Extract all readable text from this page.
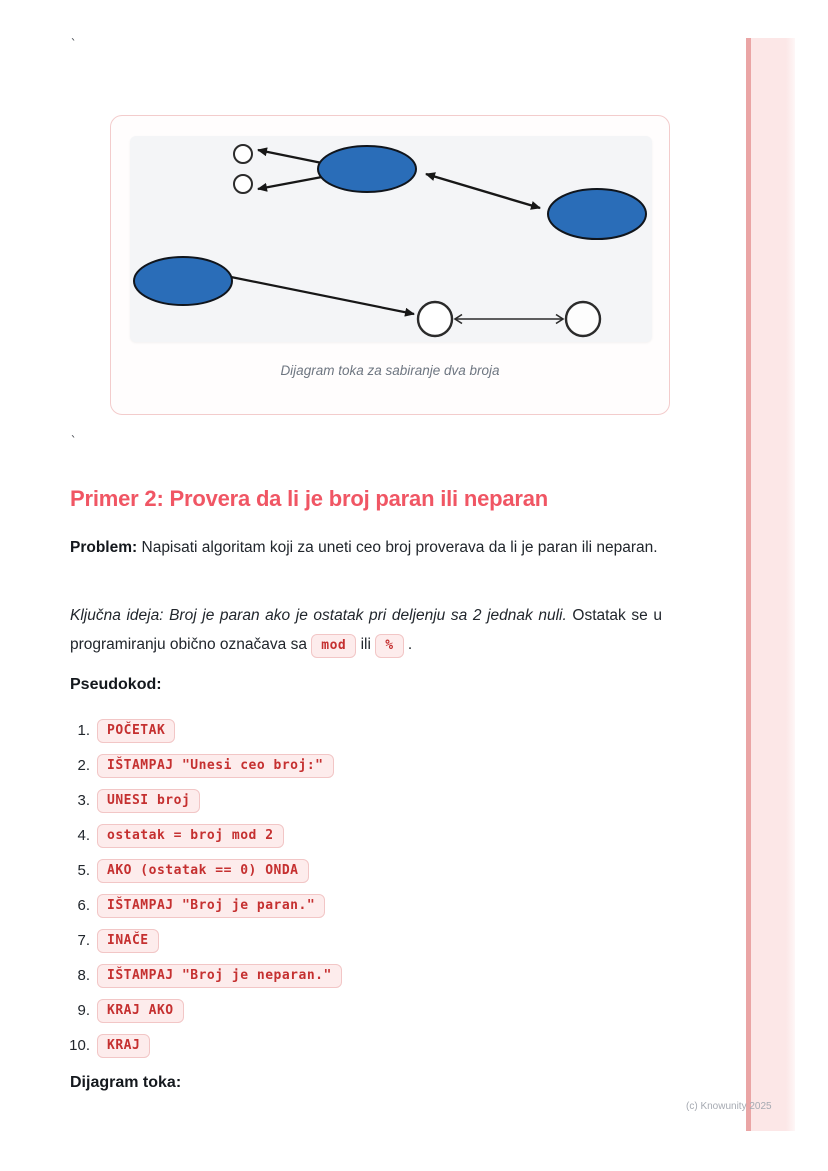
`
Dijagram toka za sabiranje dva broja
`
Primer 2: Provera da li je broj paran ili neparan

Problem: Napisati algoritam koji za uneti ceo broj proverava da li je paran ili neparan.

Ključna ideja: Broj je paran ako je ostatak pri deljenju sa 2 jednak nuli. Ostatak se u programiranju obično označava sa mod ili % .

Pseudokod:
1.	POČETAK
2.	IŠTAMPAJ "Unesi ceo broj:"
3.	UNESI broj
4.	ostatak = broj mod 2
5.	AKO (ostatak == 0) ONDA
6.	IŠTAMPAJ "Broj je paran."
7.	INAČE
8.	IŠTAMPAJ "Broj je neparan."
9.	KRAJ AKO
10.	KRAJ
Dijagram toka:
(c) Knowunity 2025
